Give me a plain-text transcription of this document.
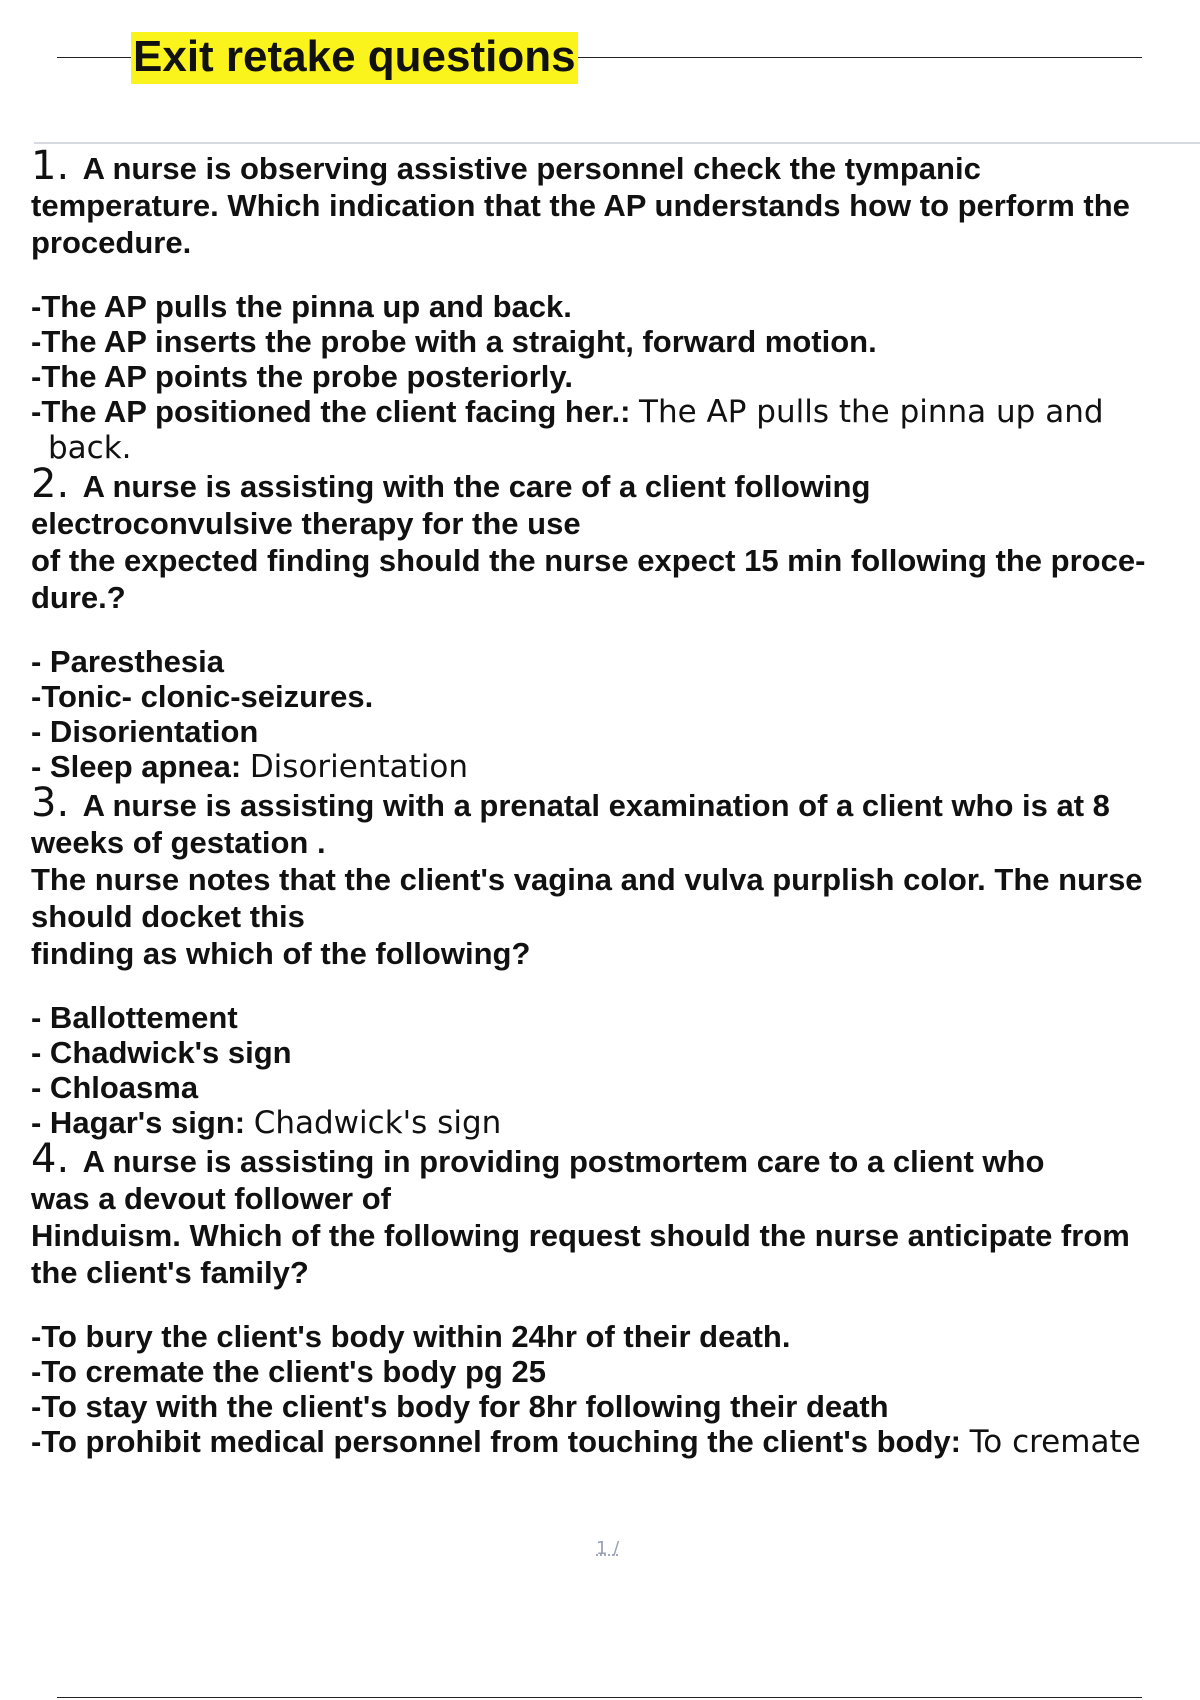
Exit retake questions
1. A nurse is observing assistive personnel check the tympanic
temperature. Which indication that the AP understands how to perform the
procedure.
-The AP pulls the pinna up and back.
-The AP inserts the probe with a straight, forward motion.
-The AP points the probe posteriorly.
-The AP positioned the client facing her.: The AP pulls the pinna up and back.
2. A nurse is assisting with the care of a client following
electroconvulsive therapy for the use
of the expected finding should the nurse expect 15 min following the proce-
dure.?
- Paresthesia
-Tonic- clonic-seizures.
- Disorientation
- Sleep apnea: Disorientation
3. A nurse is assisting with a prenatal examination of a client who is at 8
weeks of gestation .
The nurse notes that the client's vagina and vulva purplish color. The nurse
should docket this
finding as which of the following?
- Ballottement
- Chadwick's sign
- Chloasma
- Hagar's sign: Chadwick's sign
4. A nurse is assisting in providing postmortem care to a client who
was a devout follower of
Hinduism. Which of the following request should the nurse anticipate from
the client's family?
-To bury the client's body within 24hr of their death.
-To cremate the client's body pg 25
-To stay with the client's body for 8hr following their death
-To prohibit medical personnel from touching the client's body: To cremate
1 /
